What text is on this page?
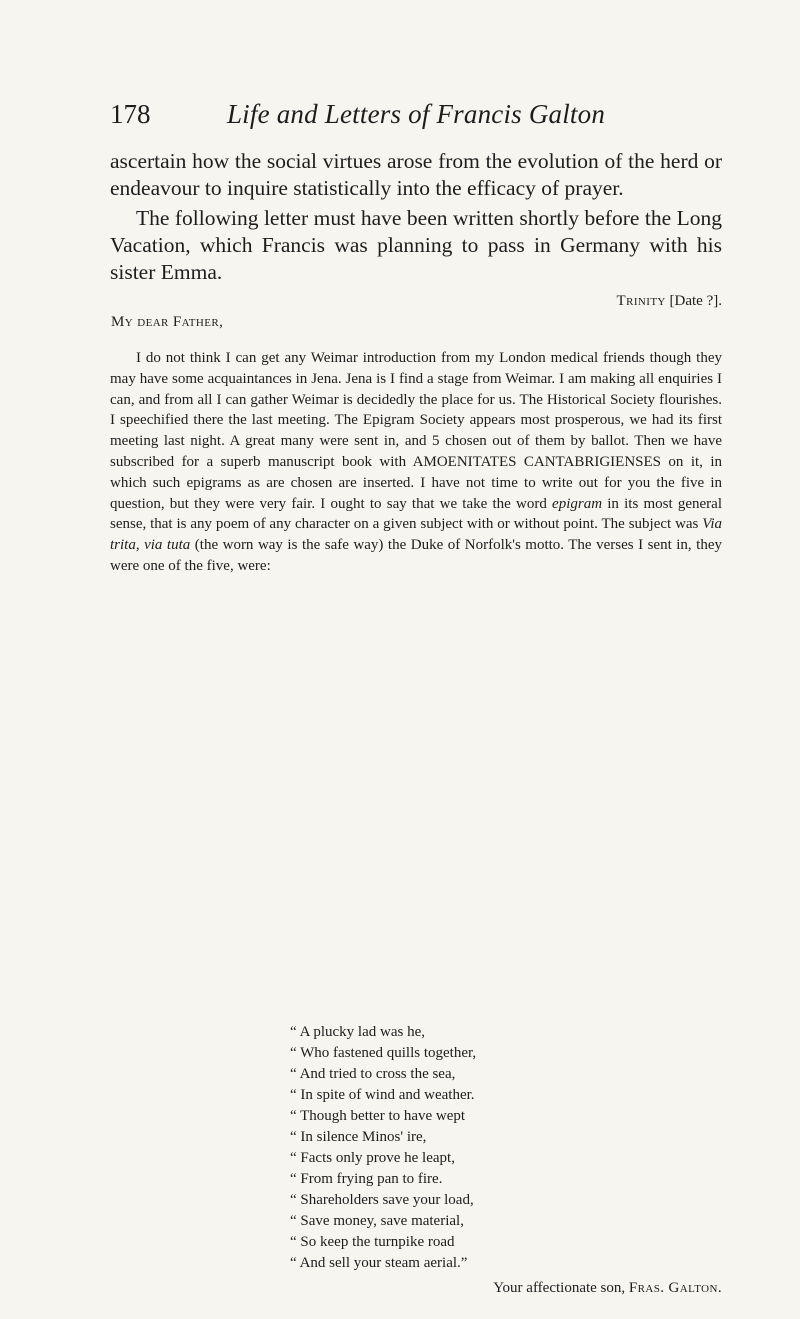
178	Life and Letters of Francis Galton

ascertain how the social virtues arose from the evolution of the herd or endeavour to inquire statistically into the efficacy of prayer.

The following letter must have been written shortly before the Long Vacation, which Francis was planning to pass in Germany with his sister Emma.

Trinity [Date ?].
My dear Father,

I do not think I can get any Weimar introduction from my London medical friends though they may have some acquaintances in Jena. Jena is I find a stage from Weimar. I am making all enquiries I can, and from all I can gather Weimar is decidedly the place for us. The Historical Society flourishes. I speechified there the last meeting. The Epigram Society appears most prosperous, we had its first meeting last night. A great many were sent in, and 5 chosen out of them by ballot. Then we have subscribed for a superb manuscript book with AMOENITATES CANTABRIGIENSES on it, in which such epigrams as are chosen are inserted. I have not time to write out for you the five in question, but they were very fair. I ought to say that we take the word epigram in its most general sense, that is any poem of any character on a given subject with or without point. The subject was Via trita, via tuta (the worn way is the safe way) the Duke of Norfolk's motto. The verses I sent in, they were one of the five, were:

“ A plucky lad was he,
“ Who fastened quills together,
“ And tried to cross the sea,
“ In spite of wind and weather.
“ Though better to have wept
“ In silence Minos' ire,
“ Facts only prove he leapt,
“ From frying pan to fire.
“ Shareholders save your load,
“ Save money, save material,
“ So keep the turnpike road
“ And sell your steam aerial.”
Your affectionate son, Fras. Galton.
